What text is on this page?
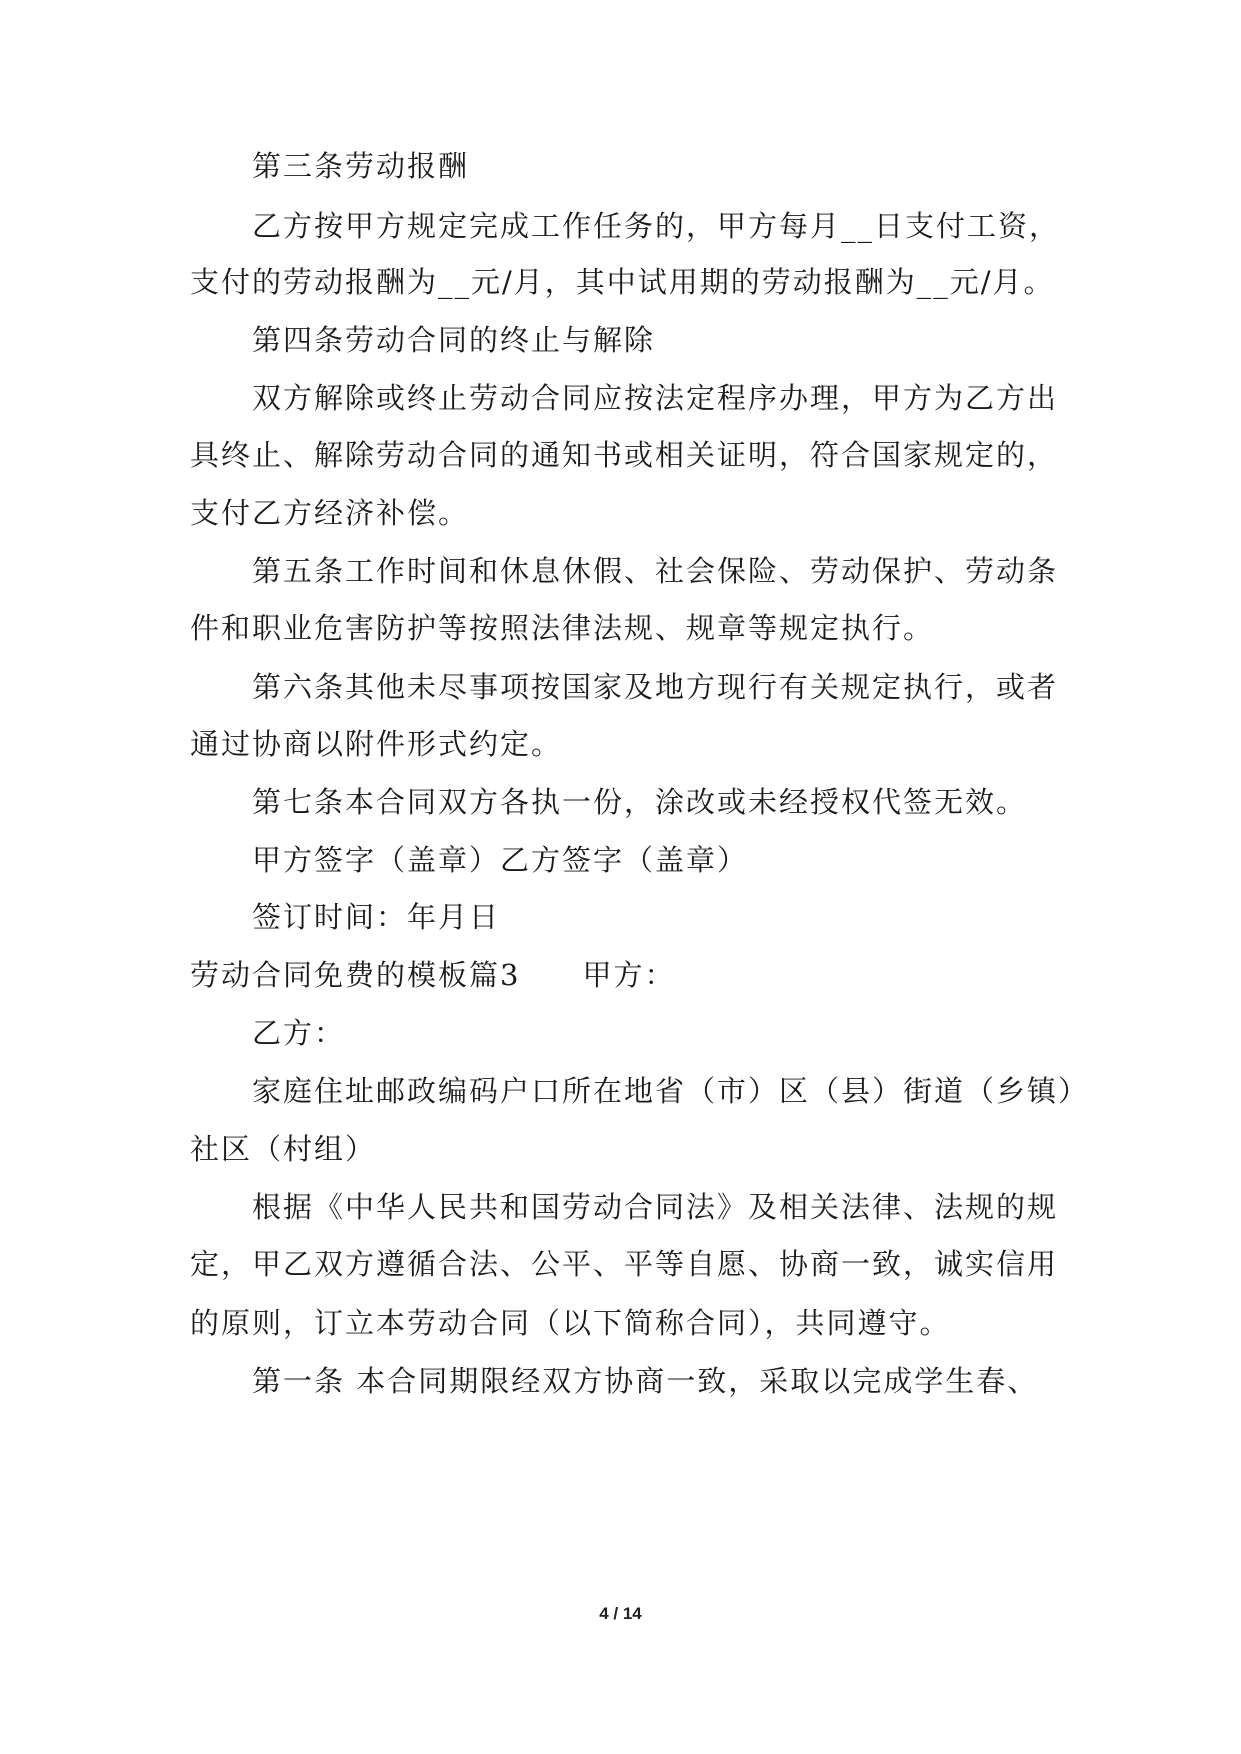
第三条劳动报酬
乙方按甲方规定完成工作任务的，甲方每月__日支付工资，
支付的劳动报酬为__元/月，其中试用期的劳动报酬为__元/月。
第四条劳动合同的终止与解除
双方解除或终止劳动合同应按法定程序办理，甲方为乙方出
具终止、解除劳动合同的通知书或相关证明，符合国家规定的，
支付乙方经济补偿。
第五条工作时间和休息休假、社会保险、劳动保护、劳动条
件和职业危害防护等按照法律法规、规章等规定执行。
第六条其他未尽事项按国家及地方现行有关规定执行，或者
通过协商以附件形式约定。
第七条本合同双方各执一份，涂改或未经授权代签无效。
甲方签字（盖章）乙方签字（盖章）
签订时间：年月日
劳动合同免费的模板篇3　　甲方：
乙方：
家庭住址邮政编码户口所在地省（市）区（县）街道（乡镇）
社区（村组）
根据《中华人民共和国劳动合同法》及相关法律、法规的规
定，甲乙双方遵循合法、公平、平等自愿、协商一致，诚实信用
的原则，订立本劳动合同（以下简称合同），共同遵守。
第一条 本合同期限经双方协商一致，采取以完成学生春、
4 / 14
